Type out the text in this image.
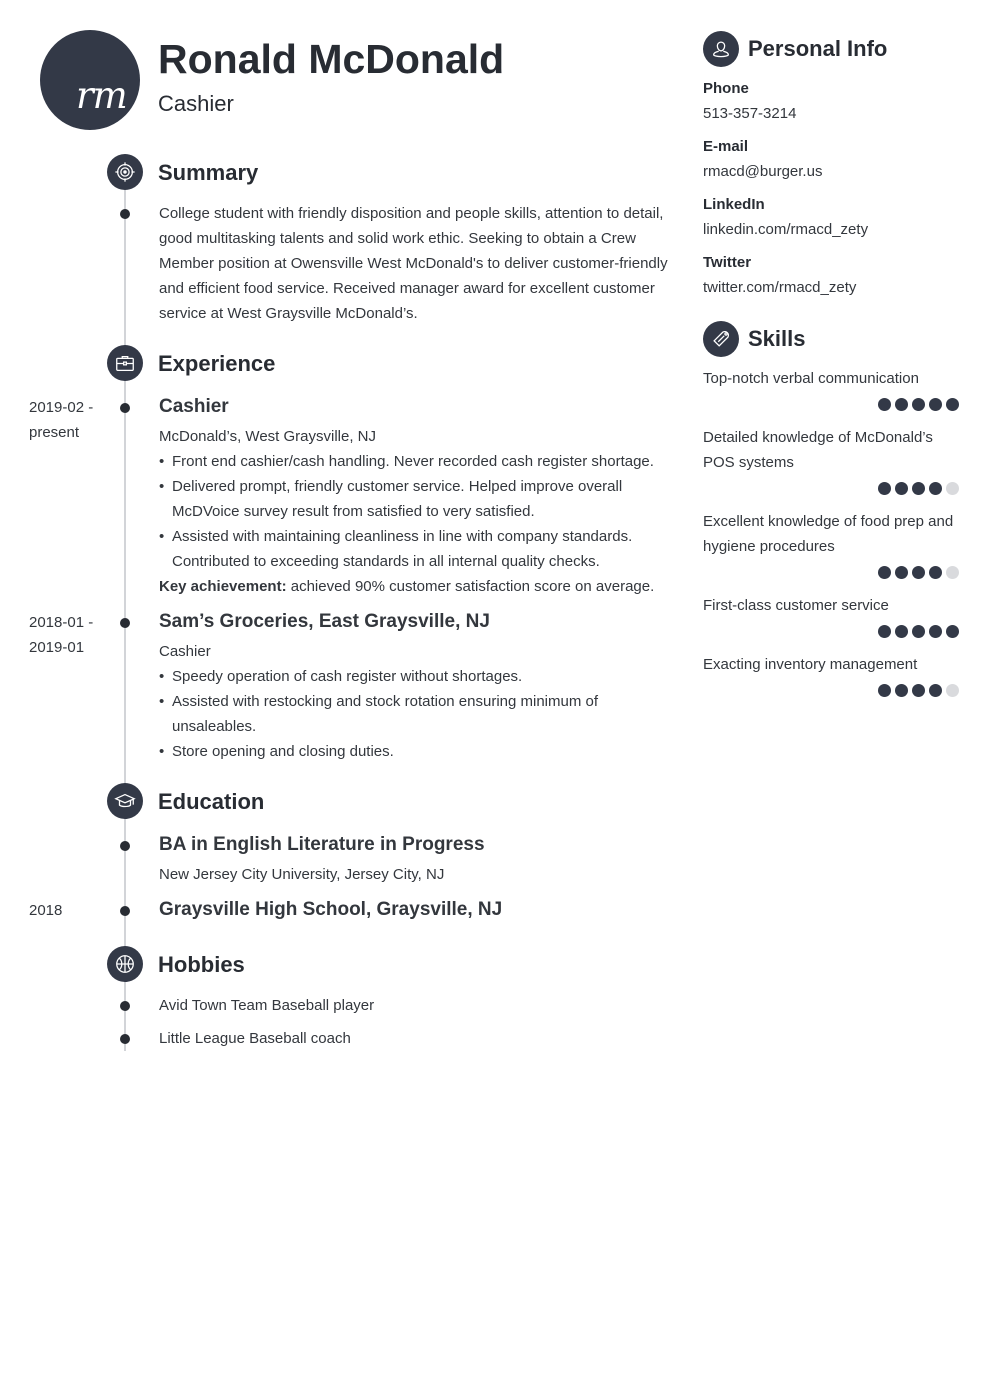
rm
Ronald McDonald
Cashier
Summary
College student with friendly disposition and people skills, attention to detail, good multitasking talents and solid work ethic. Seeking to obtain a Crew Member position at Owensville West McDonald's to deliver customer-friendly and efficient food service. Received manager award for excellent customer service at West Graysville McDonald’s.
Experience
2019-02 -
present
Cashier
McDonald’s, West Graysville, NJ
• Front end cashier/cash handling. Never recorded cash register shortage.
• Delivered prompt, friendly customer service. Helped improve overall McDVoice survey result from satisfied to very satisfied.
• Assisted with maintaining cleanliness in line with company standards. Contributed to exceeding standards in all internal quality checks.
Key achievement: achieved 90% customer satisfaction score on average.
2018-01 -
2019-01
Sam’s Groceries, East Graysville, NJ
Cashier
• Speedy operation of cash register without shortages.
• Assisted with restocking and stock rotation ensuring minimum of unsaleables.
• Store opening and closing duties.
Education
BA in English Literature in Progress
New Jersey City University, Jersey City, NJ
2018	Graysville High School, Graysville, NJ
Hobbies
Avid Town Team Baseball player
Little League Baseball coach
Personal Info
Phone
513-357-3214
E-mail
rmacd@burger.us
LinkedIn
linkedin.com/rmacd_zety
Twitter
twitter.com/rmacd_zety
Skills
Top-notch verbal communication
Detailed knowledge of McDonald’s POS systems
Excellent knowledge of food prep and hygiene procedures
First-class customer service
Exacting inventory management
